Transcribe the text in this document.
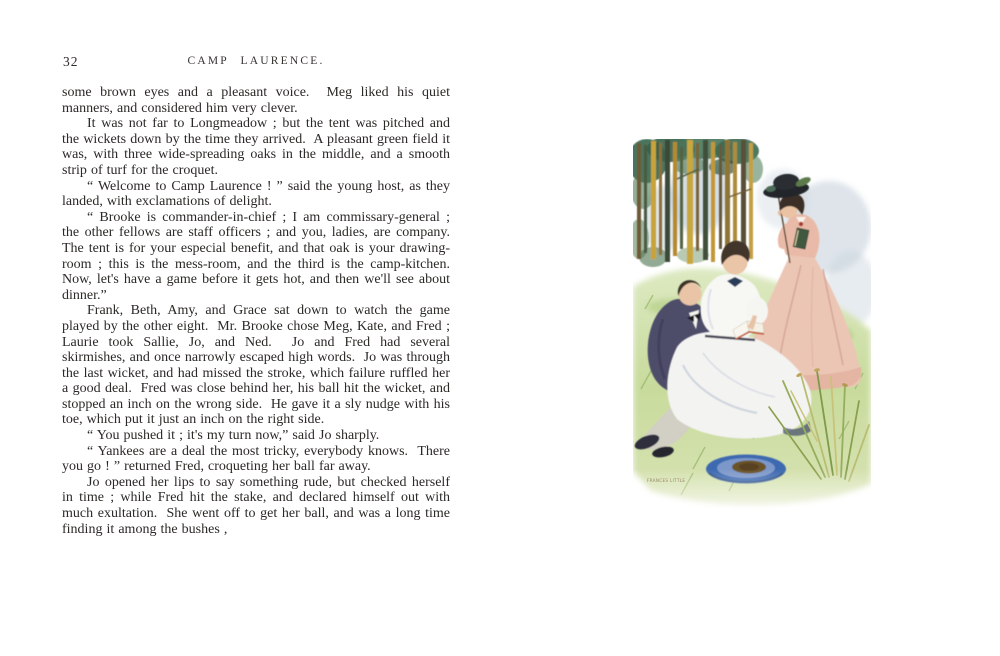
32	CAMP LAURENCE.

some brown eyes and a pleasant voice.  Meg liked his quiet manners, and considered him very clever.

It was not far to Longmeadow ; but the tent was pitched and the wickets down by the time they arrived.  A pleasant green field it was, with three wide-spreading oaks in the middle, and a smooth strip of turf for the croquet.

“ Welcome to Camp Laurence ! ” said the young host, as they landed, with exclamations of delight.

“ Brooke is commander-in-chief ; I am commissary-general ; the other fellows are staff officers ; and you, ladies, are company.  The tent is for your especial benefit, and that oak is your drawing-room ; this is the mess-room, and the third is the camp-kitchen.  Now, let's have a game before it gets hot, and then we'll see about dinner.”

Frank, Beth, Amy, and Grace sat down to watch the game played by the other eight.  Mr. Brooke chose Meg, Kate, and Fred ; Laurie took Sallie, Jo, and Ned.  Jo and Fred had several skirmishes, and once narrowly escaped high words.  Jo was through the last wicket, and had missed the stroke, which failure ruffled her a good deal.  Fred was close behind her, his ball hit the wicket, and stopped an inch on the wrong side.  He gave it a sly nudge with his toe, which put it just an inch on the right side.

“ You pushed it ; it's my turn now,” said Jo sharply.

“ Yankees are a deal the most tricky, everybody knows.  There you go ! ” returned Fred, croqueting her ball far away.

Jo opened her lips to say something rude, but checked herself in time ; while Fred hit the stake, and declared himself out with much exultation.  She went off to get her ball, and was a long time finding it among the bushes ,

Frances Little
